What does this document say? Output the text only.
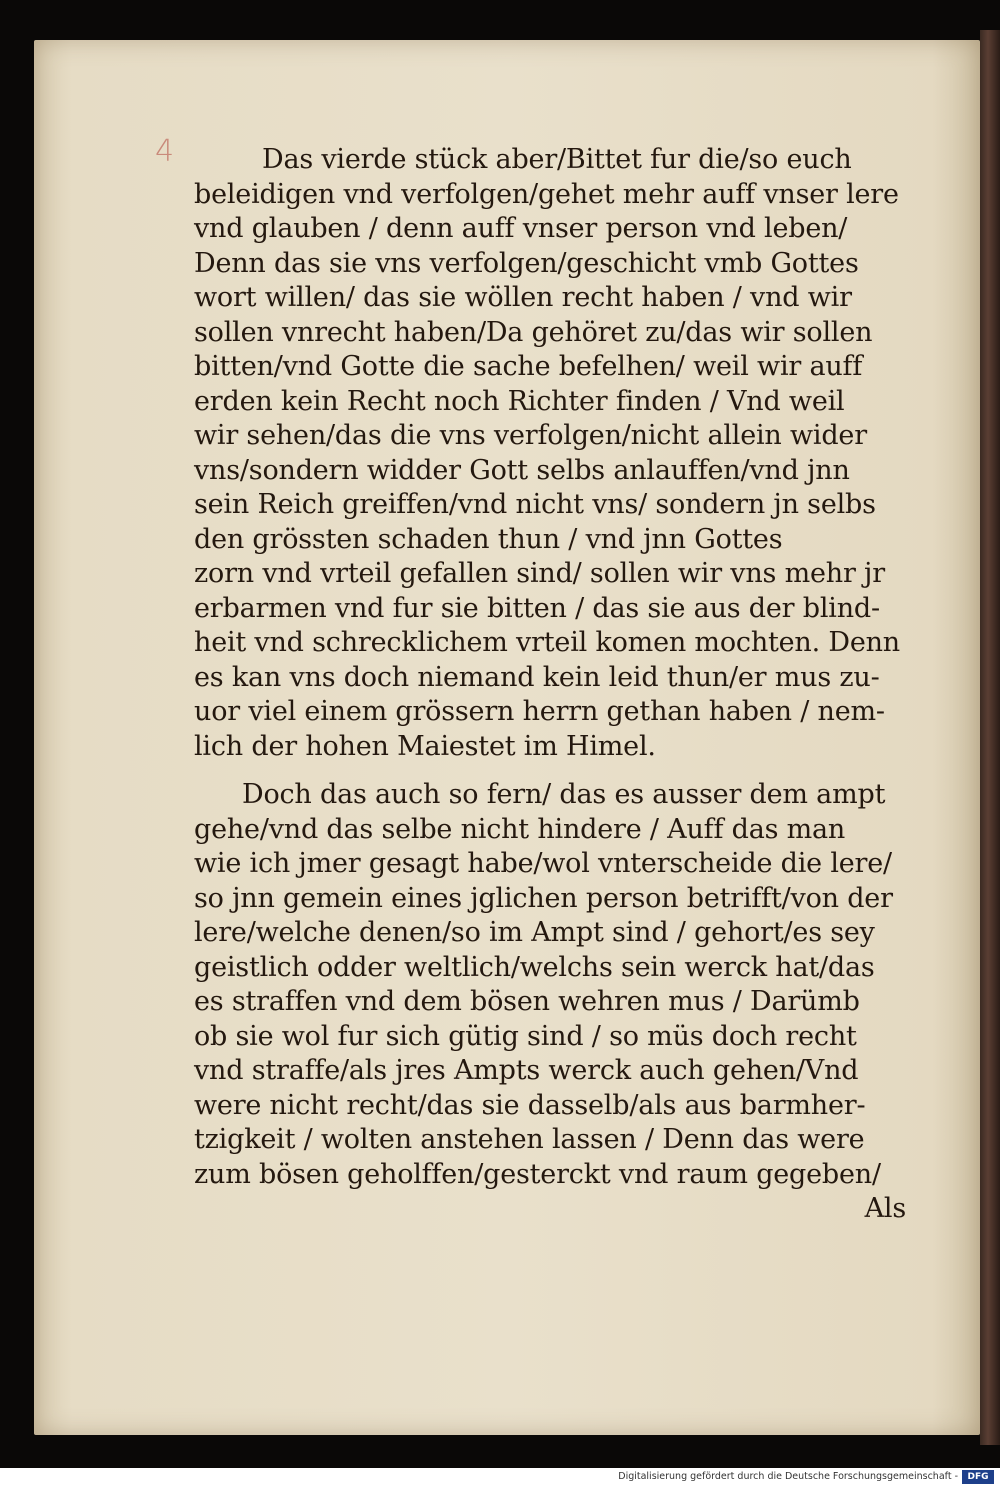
4	Das vierde stück aber/Bittet fur die/so euch
beleidigen vnd verfolgen/gehet mehr auff vnser lere
vnd glauben / denn auff vnser person vnd leben/
Denn das sie vns verfolgen/geschicht vmb Gottes
wort willen/ das sie wöllen recht haben / vnd wir
sollen vnrecht haben/Da gehöret zu/das wir sollen
bitten/vnd Gotte die sache befelhen/ weil wir auff
erden kein Recht noch Richter finden / Vnd weil
wir sehen/das die vns verfolgen/nicht allein wider
vns/sondern widder Gott selbs anlauffen/vnd jnn
sein Reich greiffen/vnd nicht vns/ sondern jn selbs
den grössten schaden thun / vnd jnn Gottes
zorn vnd vrteil gefallen sind/ sollen wir vns mehr jr
erbarmen vnd fur sie bitten / das sie aus der blind-
heit vnd schrecklichem vrteil komen mochten. Denn
es kan vns doch niemand kein leid thun/er mus zu-
uor viel einem grössern herrn gethan haben / nem-
lich der hohen Maiestet im Himel.
Doch das auch so fern/ das es ausser dem ampt
gehe/vnd das selbe nicht hindere / Auff das man
wie ich jmer gesagt habe/wol vnterscheide die lere/
so jnn gemein eines jglichen person betrifft/von der
lere/welche denen/so im Ampt sind / gehort/es sey
geistlich odder weltlich/welchs sein werck hat/das
es straffen vnd dem bösen wehren mus / Darümb
ob sie wol fur sich gütig sind / so müs doch recht
vnd straffe/als jres Ampts werck auch gehen/Vnd
were nicht recht/das sie dasselb/als aus barmher-
tzigkeit / wolten anstehen lassen / Denn das were
zum bösen geholffen/gesterckt vnd raum gegeben/
Als
Digitalisierung gefördert durch die Deutsche Forschungsgemeinschaft -	DFG
